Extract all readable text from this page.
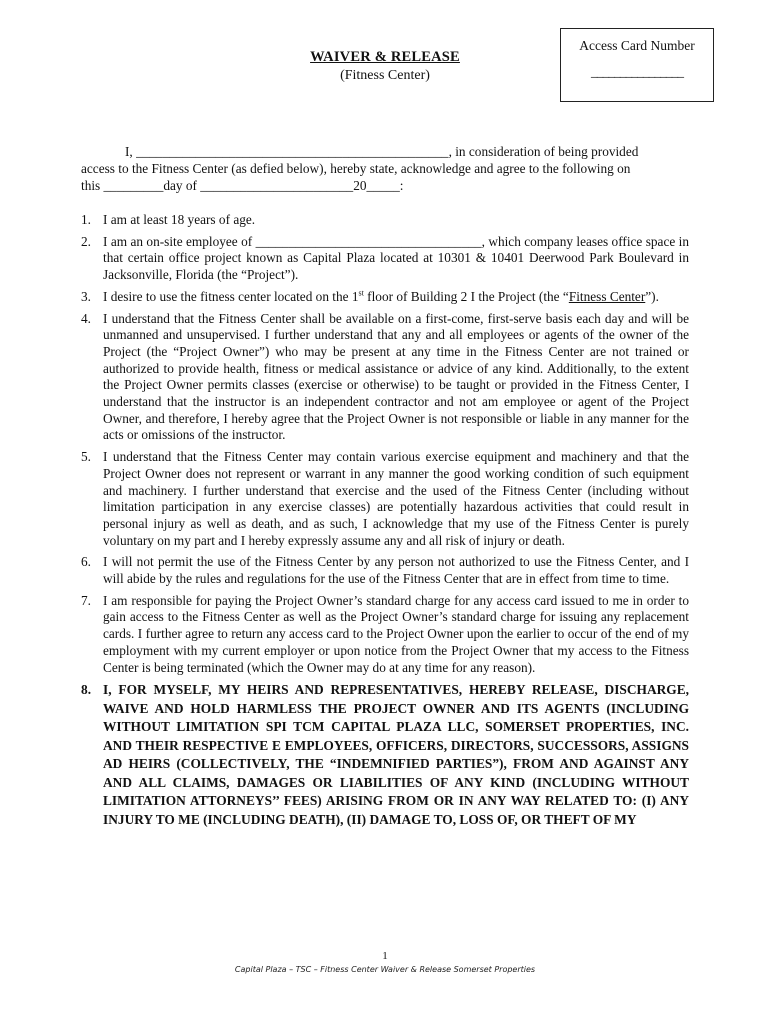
WAIVER & RELEASE
(Fitness Center)
Access Card Number
________________

I, _______________________________________________, in consideration of being provided

access to the Fitness Center (as defied below), hereby state, acknowledge and agree to the following on

this _________day of _______________________20_____:

1. I am at least 18 years of age.
2. I am an on-site employee of __________________________________, which company leases office space in that certain office project known as Capital Plaza located at 10301 & 10401 Deerwood Park Boulevard in Jacksonville, Florida (the “Project”).
3. I desire to use the fitness center located on the 1st floor of Building 2 I the Project (the “Fitness Center”).
4. I understand that the Fitness Center shall be available on a first-come, first-serve basis each day and will be unmanned and unsupervised. I further understand that any and all employees or agents of the owner of the Project (the “Project Owner”) who may be present at any time in the Fitness Center are not trained or authorized to provide health, fitness or medical assistance or advice of any kind. Additionally, to the extent the Project Owner permits classes (exercise or otherwise) to be taught or provided in the Fitness Center, I understand that the instructor is an independent contractor and not am employee or agent of the Project Owner, and therefore, I hereby agree that the Project Owner is not responsible or liable in any manner for the acts or omissions of the instructor.
5. I understand that the Fitness Center may contain various exercise equipment and machinery and that the Project Owner does not represent or warrant in any manner the good working condition of such equipment and machinery. I further understand that exercise and the used of the Fitness Center (including without limitation participation in any exercise classes) are potentially hazardous activities that could result in personal injury as well as death, and as such, I acknowledge that my use of the Fitness Center is purely voluntary on my part and I hereby expressly assume any and all risk of injury or death.
6. I will not permit the use of the Fitness Center by any person not authorized to use the Fitness Center, and I will abide by the rules and regulations for the use of the Fitness Center that are in effect from time to time.
7. I am responsible for paying the Project Owner’s standard charge for any access card issued to me in order to gain access to the Fitness Center as well as the Project Owner’s standard charge for issuing any replacement cards. I further agree to return any access card to the Project Owner upon the earlier to occur of the end of my employment with my current employer or upon notice from the Project Owner that my access to the Fitness Center is being terminated (which the Owner may do at any time for any reason).
8. I, FOR MYSELF, MY HEIRS AND REPRESENTATIVES, HEREBY RELEASE, DISCHARGE, WAIVE AND HOLD HARMLESS THE PROJECT OWNER AND ITS AGENTS (INCLUDING WITHOUT LIMITATION SPI TCM CAPITAL PLAZA LLC, SOMERSET PROPERTIES, INC. AND THEIR RESPECTIVE E EMPLOYEES, OFFICERS, DIRECTORS, SUCCESSORS, ASSIGNS AD HEIRS (COLLECTIVELY, THE “INDEMNIFIED PARTIES”), FROM AND AGAINST ANY AND ALL CLAIMS, DAMAGES OR LIABILITIES OF ANY KIND (INCLUDING WITHOUT LIMITATION ATTORNEYS’’ FEES) ARISING FROM OR IN ANY WAY RELATED TO: (I) ANY INJURY TO ME (INCLUDING DEATH), (II) DAMAGE TO, LOSS OF, OR THEFT OF MY
1
Capital Plaza – TSC – Fitness Center Waiver & Release Somerset Properties
